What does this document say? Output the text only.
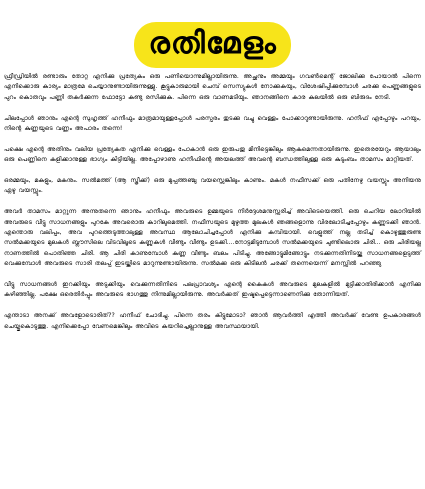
രതിമേളം

ഫ്രീഡ്രിയിൽ രണ്ടാരും തോറ്റ എനിക്കു പ്രത്യേകം ഒരു പണിയൊന്നുമില്ലായിരുന്നു. അച്ഛനും അമ്മയും ഗവൺമെന്റ് ജോലിക്കു പോയാൽ പിന്നെ എനിക്കൊരു കാര്യം മാത്രമേ ചെയ്യാനുണ്ടായിരുന്നുള്ളു. കൂട്ടുകാരുമായി ചെമ്പ് സെസ്യുകൾ നോക്കുകയും, വിശേഷിപ്പിക്കുമ്പോൾ ചരക്കു പെണ്ണുങ്ങളുടെ പുറം കൊതവും പണ്ണി തകർക്കുന്ന ഫോട്ടോ കണ്ടു രസിക്കുക. പിന്നെ ഒരു വാണമടിയും. ഞാനങ്ങിനെ കാര കലയിൽ ഒരു ബിരുദം നേടി.

ചിലപ്പോൾ ഞാനും എന്റെ സുഹൃത്ത് ഹനീഫും മാത്രമായുള്ളപ്പോൾ പരസ്പരം തുടക്കു വച്ചു വെള്ളം പോക്കാറുണ്ടായിരുന്നു. ഹനീഫ് എപ്പോഴും പറയും, നിന്റെ കുണ്ണയുടെ വണ്ണം അപാരം തന്നെ!

പക്ഷെ എന്റെ അതിനും വലിയ പ്രത്യേകത എനിക്കു വെള്ളം പോകാൻ ഒരു ഇരുപതു മിനിട്ടെങ്കിലും ആകുമെന്നതായിരുന്നു. ഇതെരയേറും ആയാലും ഒരു പെണ്ണിനെ കളിക്കാനുള്ള ഭാഗ്യം കിട്ടിയില്ല. അപ്പോഴാണു ഹനീഫിന്റെ അയലത്ത് അവന്റെ ബന്ധത്തിലുള്ള ഒരു കുടുംബം താമസം മാറ്റിയത്.

ഒരമ്മയും, മകളും, മകനും. സൽമത്ത് (ആ സ്ത്രീക്ക്) ഒരു മുപ്പത്തഞ്ചു വയസ്സെങ്കിലും കാണും. മകൾ നഫീസക്ക് ഒരു പതിനേഴു വയസ്സും അനിയനു ഏഴു വയസ്സും.

അവർ താമസം മാറ്റുന്ന അന്നുതന്നെ ഞാനും ഹനീഫും അവരുടെ ഉമ്മയുടെ നിർദ്ദേശമനുസ്സരിച്ച് അവിടെയെത്തി. ഒരു ചെറിയ ലോറിയിൽ അവരുടെ വീട്ടു സാധനങ്ങളും പുറകേ അവരൊരു കാറിലുമെത്തി. നഫീസയുടെ മുഴുത്ത മുലകൾ ഞങ്ങളൊന്നു വിരലോടിച്ചപ്പോഴും കണ്ണുടക്കി ഞാൻ. എന്തൊരു വലിപ്പം, അവ പുറത്തെടുത്താലുള്ള അവസ്ഥ ആലോചിച്ചപ്പോൾ എനിക്കു കമ്പിയായി. വെളുത്ത് നല്ല തടിച്ച് കൊഴുത്തുരുണ്ട സൽമക്കയുടെ മുലകൾ ബ്ലൗസിലെ വിടവിലൂടെ കണ്ണുകൾ വീണ്ടും വീണ്ടും ഉടക്കി....നോട്ടമിടുമ്പോൾ സൽമക്കയുടെ ചുണ്ടിലൊരു ചിരി... ഒരു ചിരിയല്ല നാണത്തിൽ പൊതിഞ്ഞ ചിരി. ആ ചിരി കാണുമ്പോൾ കുണ്ണ വീണ്ടും ബലം പിടിച്ചു. അങ്ങോട്ടുമിങ്ങോട്ടും നടക്കുന്നതിനിടയ്ക്കു സാധനങ്ങളെടുത്ത് വെക്കുമ്പോൾ അവരുടെ സാരി തലപ്പ് ഇടയ്ക്കിടെ മാറുന്നുണ്ടായിരുന്നു. സൽമക്ക ഒരു കിടിലൻ ചരക്ക് തന്നെയെന്ന് മനസ്സിൽ പറഞ്ഞു

വീട്ടു സാധനങ്ങൾ ഇറക്കിയും അടുക്കിയും വെക്കുന്നതിനിടെ പലപ്രാവശ്യം എന്റെ കൈകൾ അവരുടെ മുലകളിൽ മുട്ടിക്കാതിരിക്കാൻ എനിക്കു കഴിഞ്ഞില്ല. പക്ഷേ ഒരെതിർപ്പും അവരുടെ ഭാഗത്തു നിന്നുമില്ലായിരുന്നു. അവർക്കത് ഇഷ്ടപ്പെട്ടെന്നാണെനിക്കു തോന്നിയത്.

എന്താടാ അനക്ക് അവളോടൊരിത്?? ഹനീഫ് ചോദിച്ചു. പിന്നെ തരം കിട്ടുമോടാ? ഞാൻ ആവർത്തി എത്തി അവർക്ക് വേണ്ട ഉപകാരങ്ങൾ ചെയ്തുകൊടുത്തു. എനിക്കെപ്പോ വേണമെങ്കിലും അവിടെ കയറിച്ചെല്ലാനുള്ള അവസ്ഥയായി.
